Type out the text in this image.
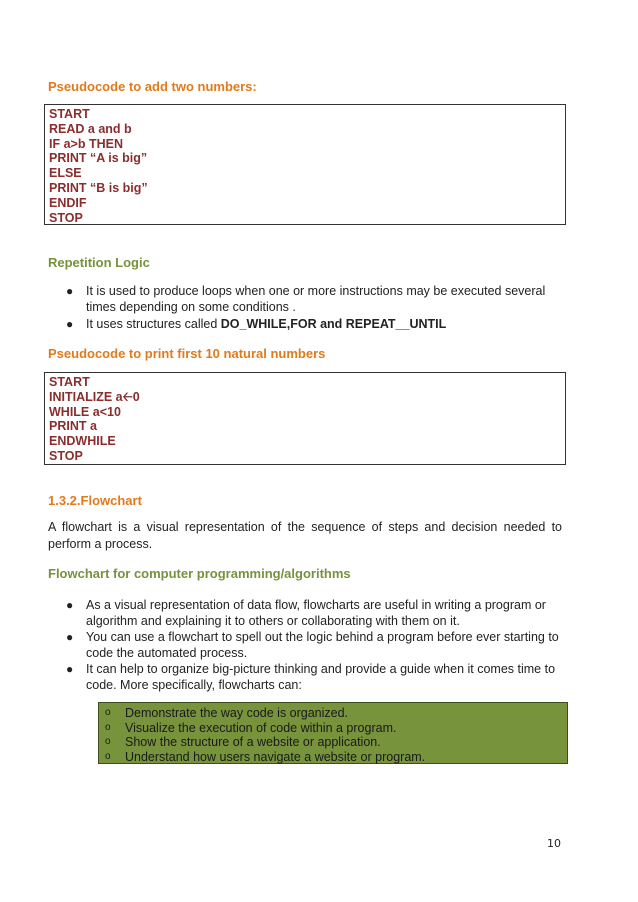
Pseudocode to add two numbers:
START
READ a and b
IF a>b THEN
PRINT “A is big”
ELSE
PRINT “B is big”
ENDIF
STOP
Repetition Logic
● It is used to produce loops when one or more instructions may be executed several times depending on some conditions .
● It uses structures called DO_WHILE,FOR and REPEAT__UNTIL
Pseudocode to print first 10 natural numbers
START
INITIALIZE a🡠0
WHILE a<10
PRINT a
ENDWHILE
STOP
1.3.2.Flowchart
A flowchart is a visual representation of the sequence of steps and decision needed to perform a process.
Flowchart for computer programming/algorithms
● As a visual representation of data flow, flowcharts are useful in writing a program or algorithm and explaining it to others or collaborating with them on it.
● You can use a flowchart to spell out the logic behind a program before ever starting to code the automated process.
● It can help to organize big-picture thinking and provide a guide when it comes time to code. More specifically, flowcharts can:
o Demonstrate the way code is organized.
o Visualize the execution of code within a program.
o Show the structure of a website or application.
o Understand how users navigate a website or program.
10
